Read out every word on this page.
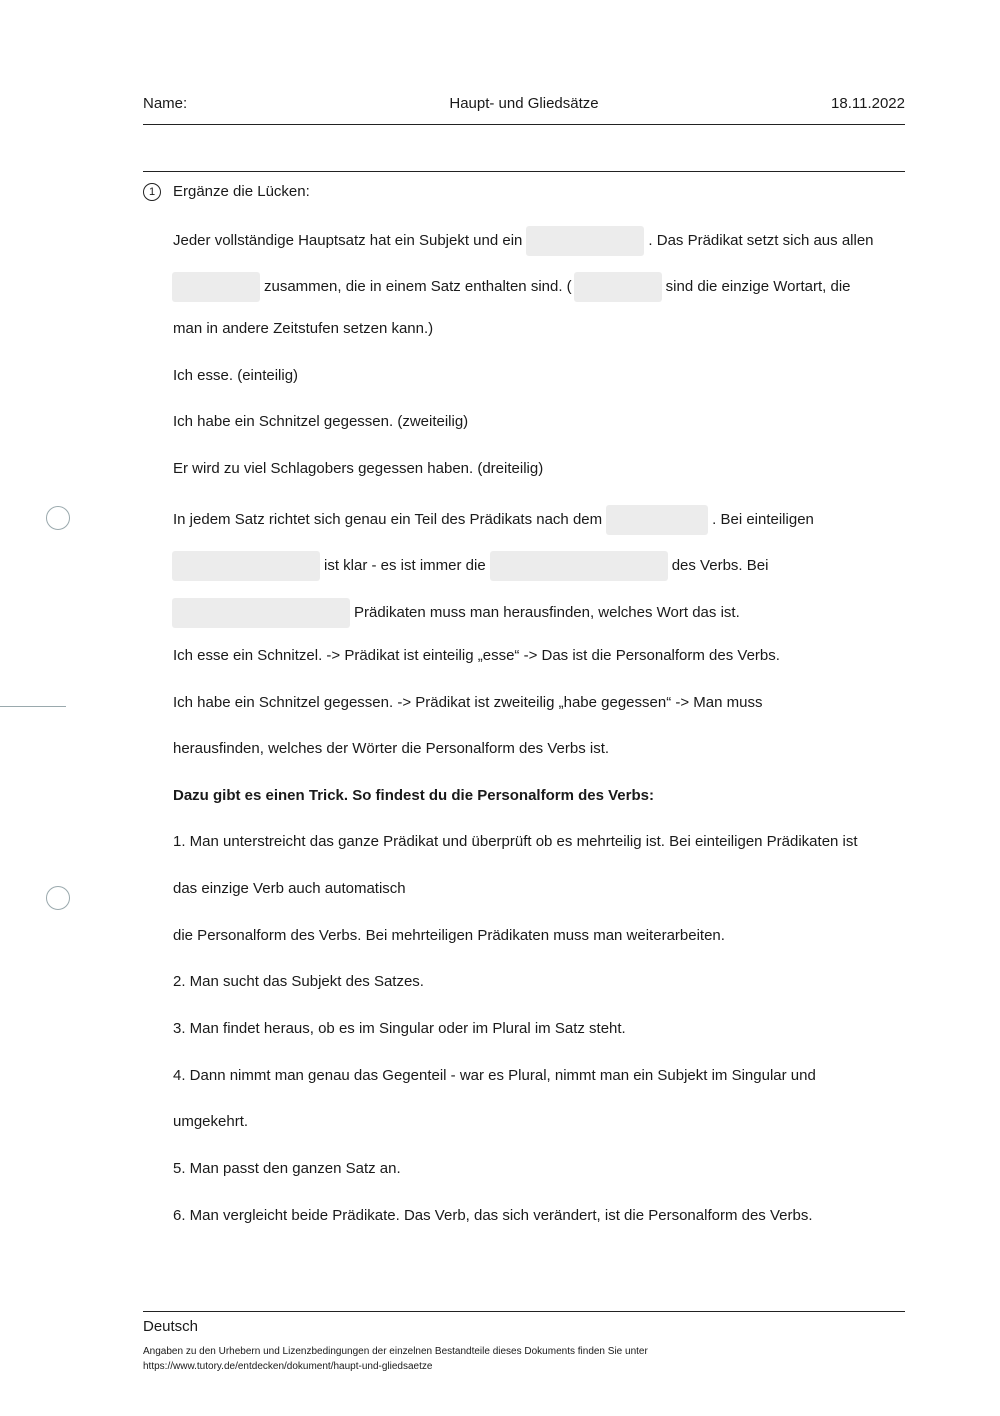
Name:	Haupt- und Gliedsätze	18.11.2022
1	Ergänze die Lücken:
Jeder vollständige Hauptsatz hat ein Subjekt und ein	. Das Prädikat setzt sich aus allen
zusammen, die in einem Satz enthalten sind. (	sind die einzige Wortart, die
man in andere Zeitstufen setzen kann.)
Ich esse. (einteilig)
Ich habe ein Schnitzel gegessen. (zweiteilig)
Er wird zu viel Schlagobers gegessen haben. (dreiteilig)
In jedem Satz richtet sich genau ein Teil des Prädikats nach dem	. Bei einteiligen
ist klar - es ist immer die	des Verbs. Bei
Prädikaten muss man herausfinden, welches Wort das ist.
Ich esse ein Schnitzel. -> Prädikat ist einteilig „esse“ -> Das ist die Personalform des Verbs.
Ich habe ein Schnitzel gegessen. -> Prädikat ist zweiteilig „habe gegessen“ -> Man muss
herausfinden, welches der Wörter die Personalform des Verbs ist.
Dazu gibt es einen Trick. So findest du die Personalform des Verbs:
1. Man unterstreicht das ganze Prädikat und überprüft ob es mehrteilig ist. Bei einteiligen Prädikaten ist
das einzige Verb auch automatisch
die Personalform des Verbs. Bei mehrteiligen Prädikaten muss man weiterarbeiten.
2. Man sucht das Subjekt des Satzes.
3. Man findet heraus, ob es im Singular oder im Plural im Satz steht.
4. Dann nimmt man genau das Gegenteil - war es Plural, nimmt man ein Subjekt im Singular und
umgekehrt.
5. Man passt den ganzen Satz an.
6. Man vergleicht beide Prädikate. Das Verb, das sich verändert, ist die Personalform des Verbs.
Deutsch
Angaben zu den Urhebern und Lizenzbedingungen der einzelnen Bestandteile dieses Dokuments finden Sie unter
https://www.tutory.de/entdecken/dokument/haupt-und-gliedsaetze
